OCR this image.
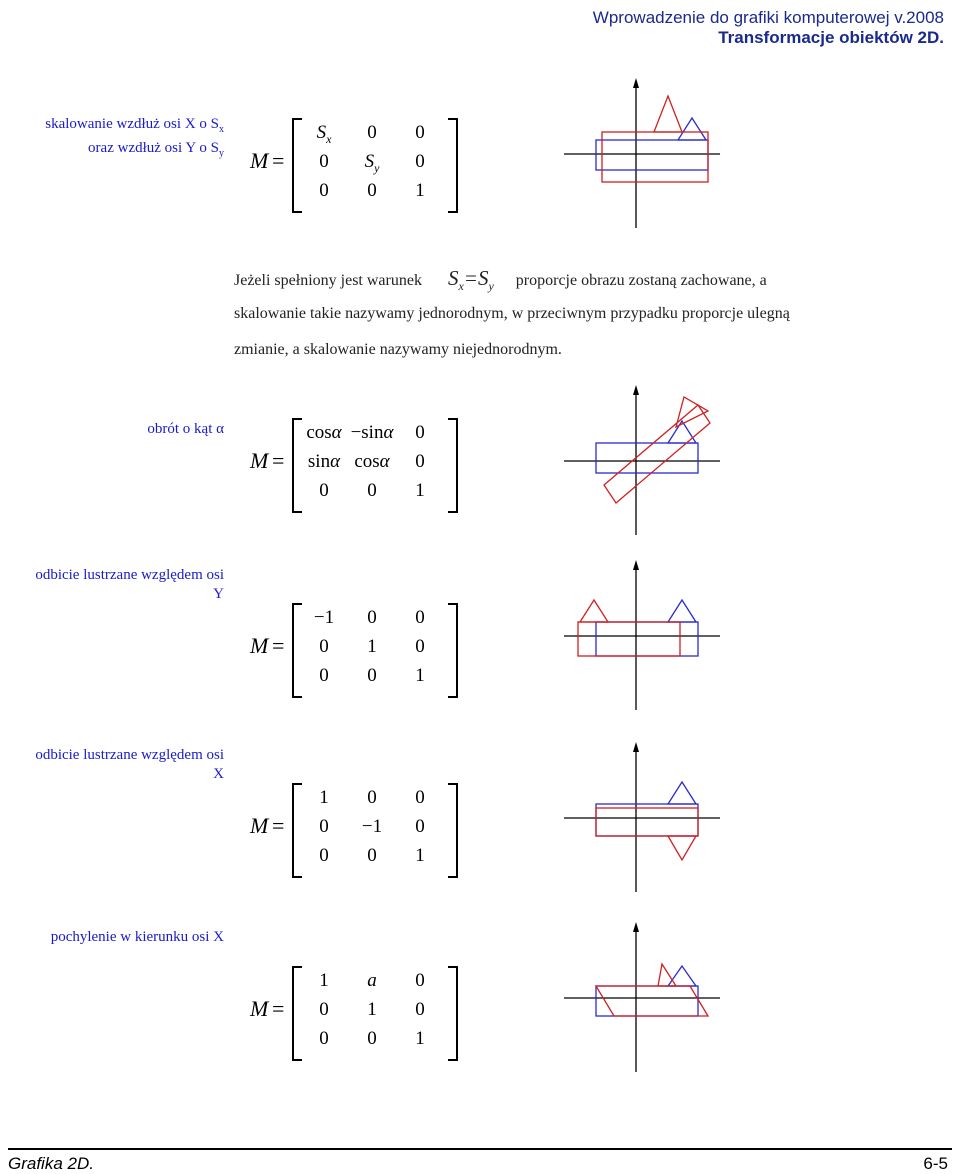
Wprowadzenie do grafiki komputerowej v.2008
Transformacje obiektów 2D.
skalowanie wzdłuż osi X o $S_x$
oraz wzdłuż osi Y o $S_y$ M =
$S_x$	0	0
0	$S_y$	0
0	0	1
Jeżeli spełniony jest warunek $S_x=S_y$ proporcje obrazu zostaną zachowane, a
skalowanie takie nazywamy jednorodnym, w przeciwnym przypadku proporcje ulegną
zmianie, a skalowanie nazywamy niejednorodnym.
obrót o kąt α
M =
cosα −sinα	0
sinα cosα	0
0	0	1
odbicie lustrzane względem osi
Y
M =
−1	0	0
0	1	0
0	0	1
odbicie lustrzane względem osi
X
M =
1	0	0
0	−1	0
0	0	1
pochylenie w kierunku osi X
M =
1	a	0
0	1	0
0	0	1
Grafika 2D.	6-5
